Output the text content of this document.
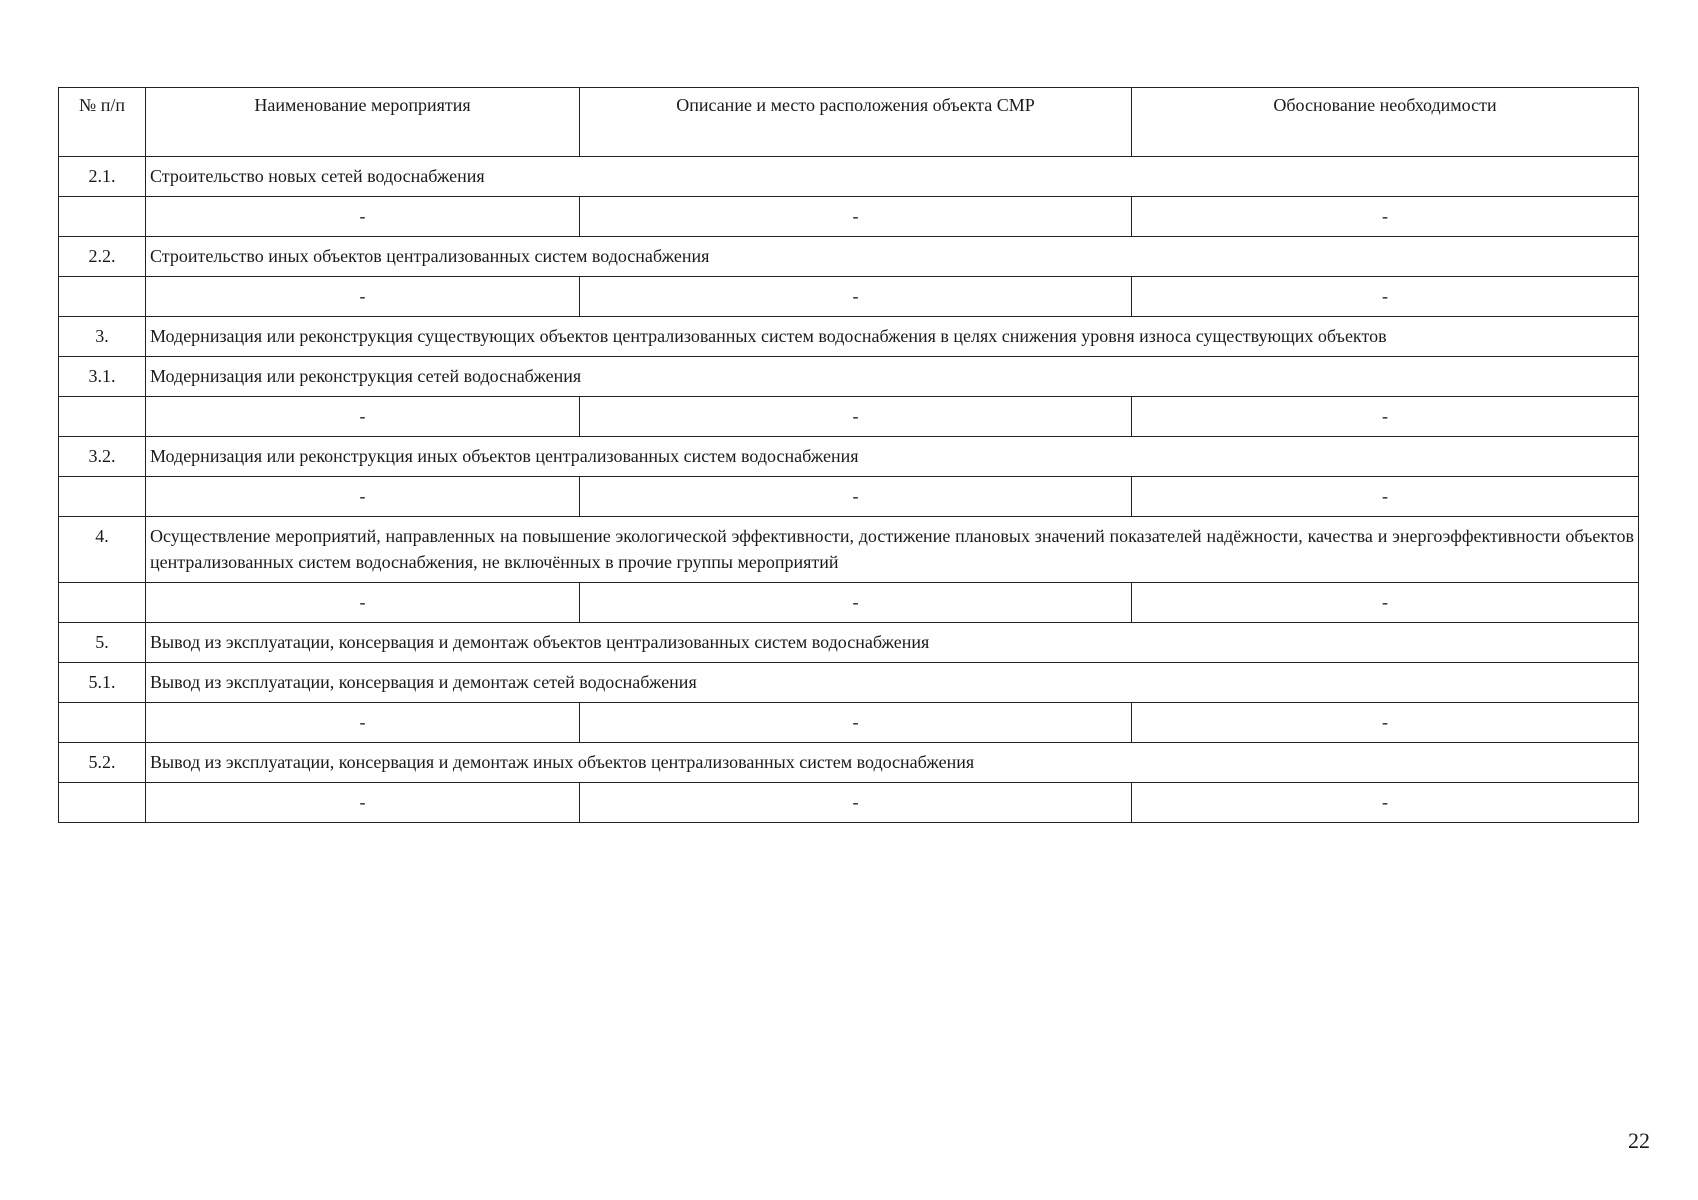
№ п/п	Наименование мероприятия	Описание и место расположения объекта СМР	Обоснование необходимости
2.1.	Строительство новых сетей водоснабжения		
	-	-	-
2.2.	Строительство иных объектов централизованных систем водоснабжения		
	-	-	-
3.	Модернизация или реконструкция существующих объектов централизованных систем водоснабжения в целях снижения уровня износа существующих объектов		
3.1.	Модернизация или реконструкция сетей водоснабжения		
	-	-	-
3.2.	Модернизация или реконструкция иных объектов централизованных систем водоснабжения		
	-	-	-
4.	Осуществление мероприятий, направленных на повышение экологической эффективности, достижение плановых значений показателей надёжности, качества и энергоэффективности объектов централизованных систем водоснабжения, не включённых в прочие группы мероприятий		
	-	-	-
5.	Вывод из эксплуатации, консервация и демонтаж объектов централизованных систем водоснабжения		
5.1.	Вывод из эксплуатации, консервация и демонтаж сетей водоснабжения		
	-	-	-
5.2.	Вывод из эксплуатации, консервация и демонтаж иных объектов централизованных систем водоснабжения		
	-	-	-
22
